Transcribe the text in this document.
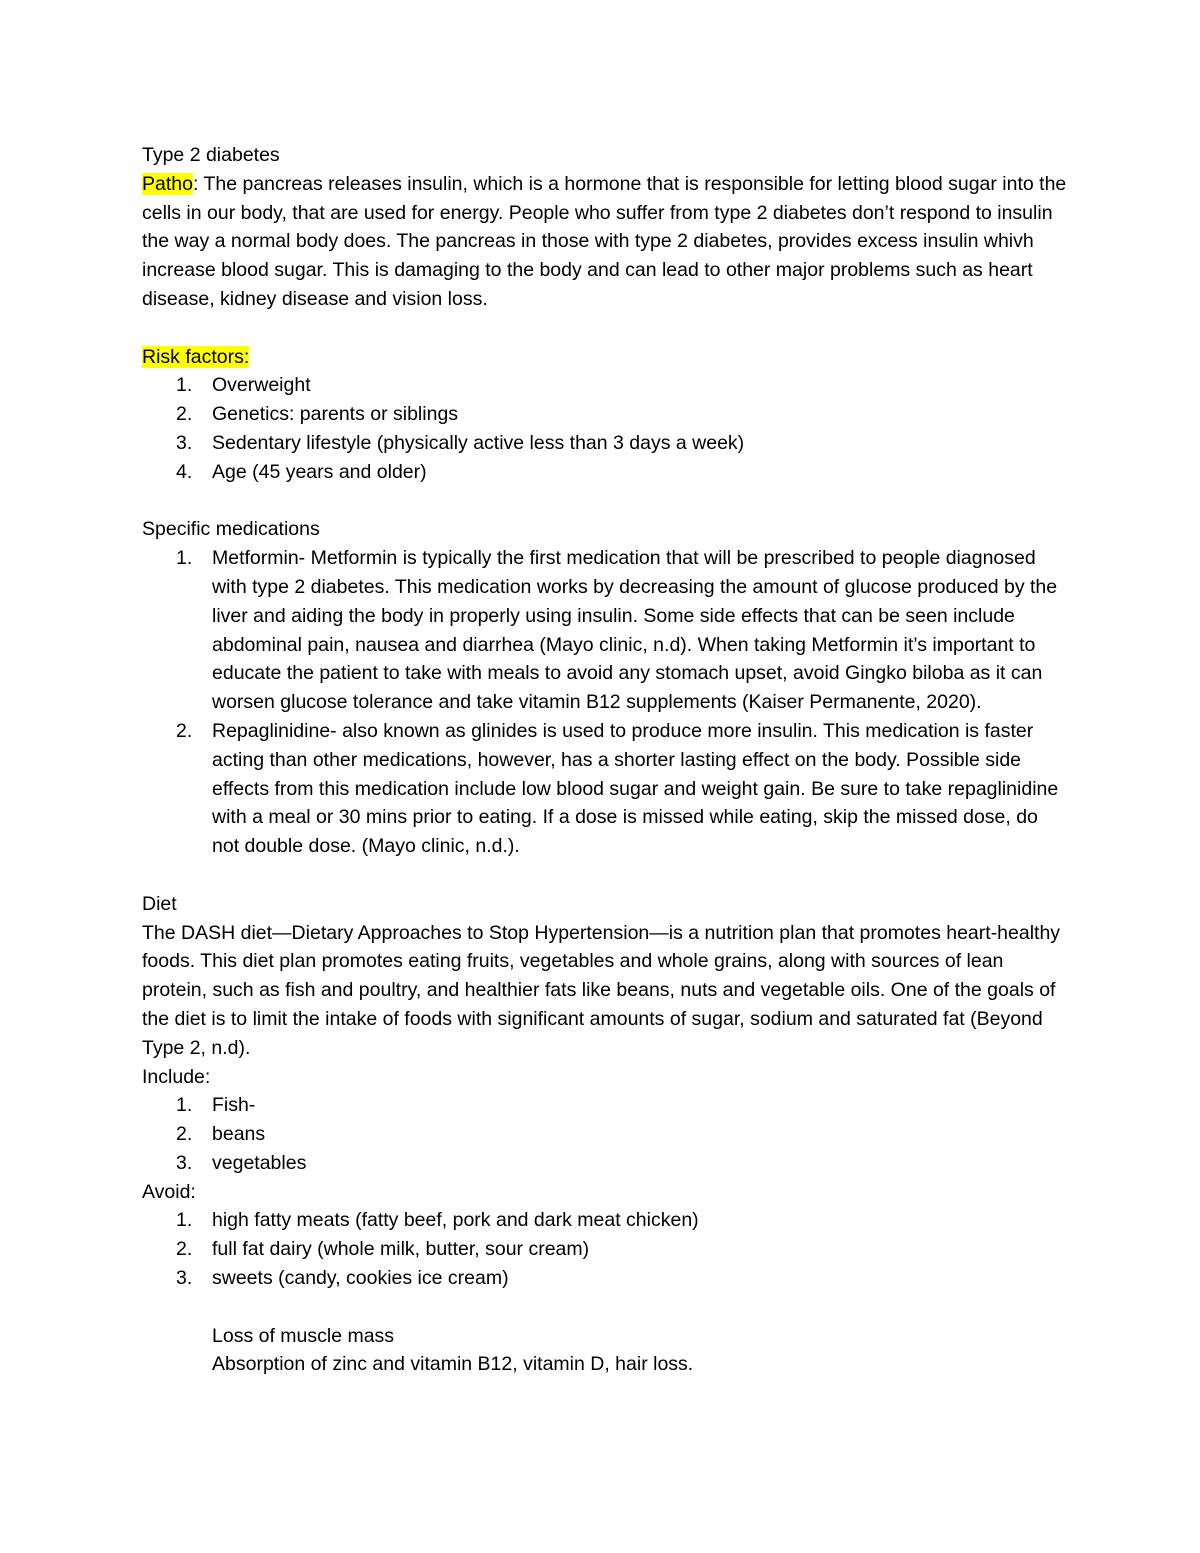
Type 2 diabetes

Patho: The pancreas releases insulin, which is a hormone that is responsible for letting blood sugar into the cells in our body, that are used for energy. People who suffer from type 2 diabetes don’t respond to insulin the way a normal body does. The pancreas in those with type 2 diabetes, provides excess insulin whivh increase blood sugar. This is damaging to the body and can lead to other major problems such as heart disease, kidney disease and vision loss.

Risk factors:

1. Overweight
2. Genetics: parents or siblings
3. Sedentary lifestyle (physically active less than 3 days a week)
4. Age (45 years and older)

Specific medications

1. Metformin- Metformin is typically the first medication that will be prescribed to people diagnosed with type 2 diabetes. This medication works by decreasing the amount of glucose produced by the liver and aiding the body in properly using insulin. Some side effects that can be seen include abdominal pain, nausea and diarrhea (Mayo clinic, n.d). When taking Metformin it’s important to educate the patient to take with meals to avoid any stomach upset, avoid Gingko biloba as it can worsen glucose tolerance and take vitamin B12 supplements (Kaiser Permanente, 2020).
2. Repaglinidine- also known as glinides is used to produce more insulin. This medication is faster acting than other medications, however, has a shorter lasting effect on the body. Possible side effects from this medication include low blood sugar and weight gain. Be sure to take repaglinidine with a meal or 30 mins prior to eating. If a dose is missed while eating, skip the missed dose, do not double dose. (Mayo clinic, n.d.).

Diet

The DASH diet—Dietary Approaches to Stop Hypertension—is a nutrition plan that promotes heart-healthy foods. This diet plan promotes eating fruits, vegetables and whole grains, along with sources of lean protein, such as fish and poultry, and healthier fats like beans, nuts and vegetable oils. One of the goals of the diet is to limit the intake of foods with significant amounts of sugar, sodium and saturated fat (Beyond Type 2, n.d).

Include:

1. Fish-
2. beans
3. vegetables

Avoid:

1. high fatty meats (fatty beef, pork and dark meat chicken)
2. full fat dairy (whole milk, butter, sour cream)
3. sweets (candy, cookies ice cream)

Loss of muscle mass

Absorption of zinc and vitamin B12, vitamin D, hair loss.
